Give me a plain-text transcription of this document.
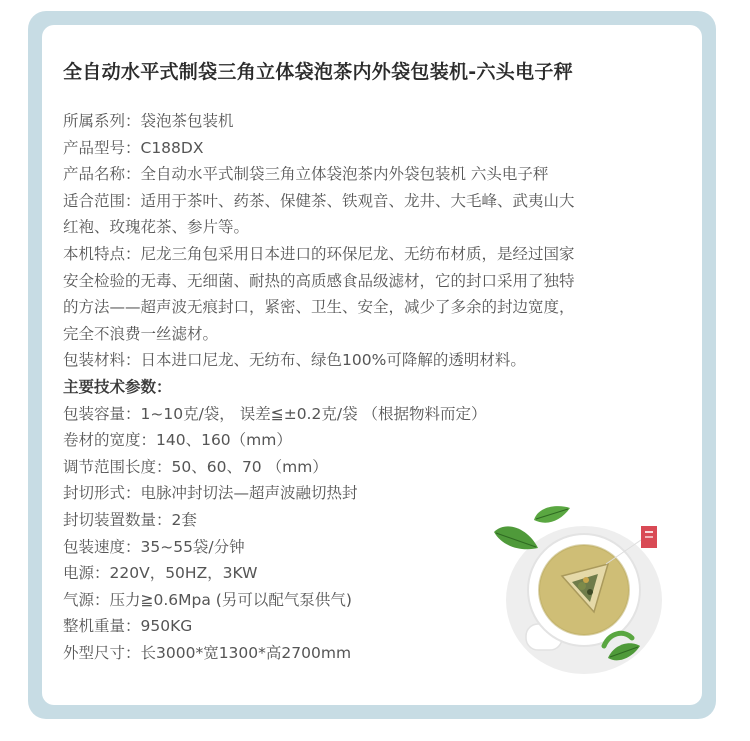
全自动水平式制袋三角立体袋泡茶内外袋包装机-六头电子秤
所属系列：袋泡茶包装机
产品型号：C188DX
产品名称：全自动水平式制袋三角立体袋泡茶内外袋包装机 六头电子秤
适合范围：适用于茶叶、药茶、保健茶、铁观音、龙井、大毛峰、武夷山大
红袍、玫瑰花茶、参片等。
本机特点：尼龙三角包采用日本进口的环保尼龙、无纺布材质，是经过国家
安全检验的无毒、无细菌、耐热的高质感食品级滤材，它的封口采用了独特
的方法——超声波无痕封口，紧密、卫生、安全，减少了多余的封边宽度，
完全不浪费一丝滤材。
包装材料：日本进口尼龙、无纺布、绿色100%可降解的透明材料。
主要技术参数：
包装容量：1~10克/袋， 误差≦±0.2克/袋 （根据物料而定）
卷材的宽度：140、160（mm）
调节范围长度：50、60、70 （mm）
封切形式：电脉冲封切法—超声波融切热封
封切装置数量：2套
包装速度：35~55袋/分钟
电源：220V，50HZ，3KW
气源：压力≧0.6Mpa (另可以配气泵供气)
整机重量：950KG
外型尺寸：长3000*宽1300*高2700mm
